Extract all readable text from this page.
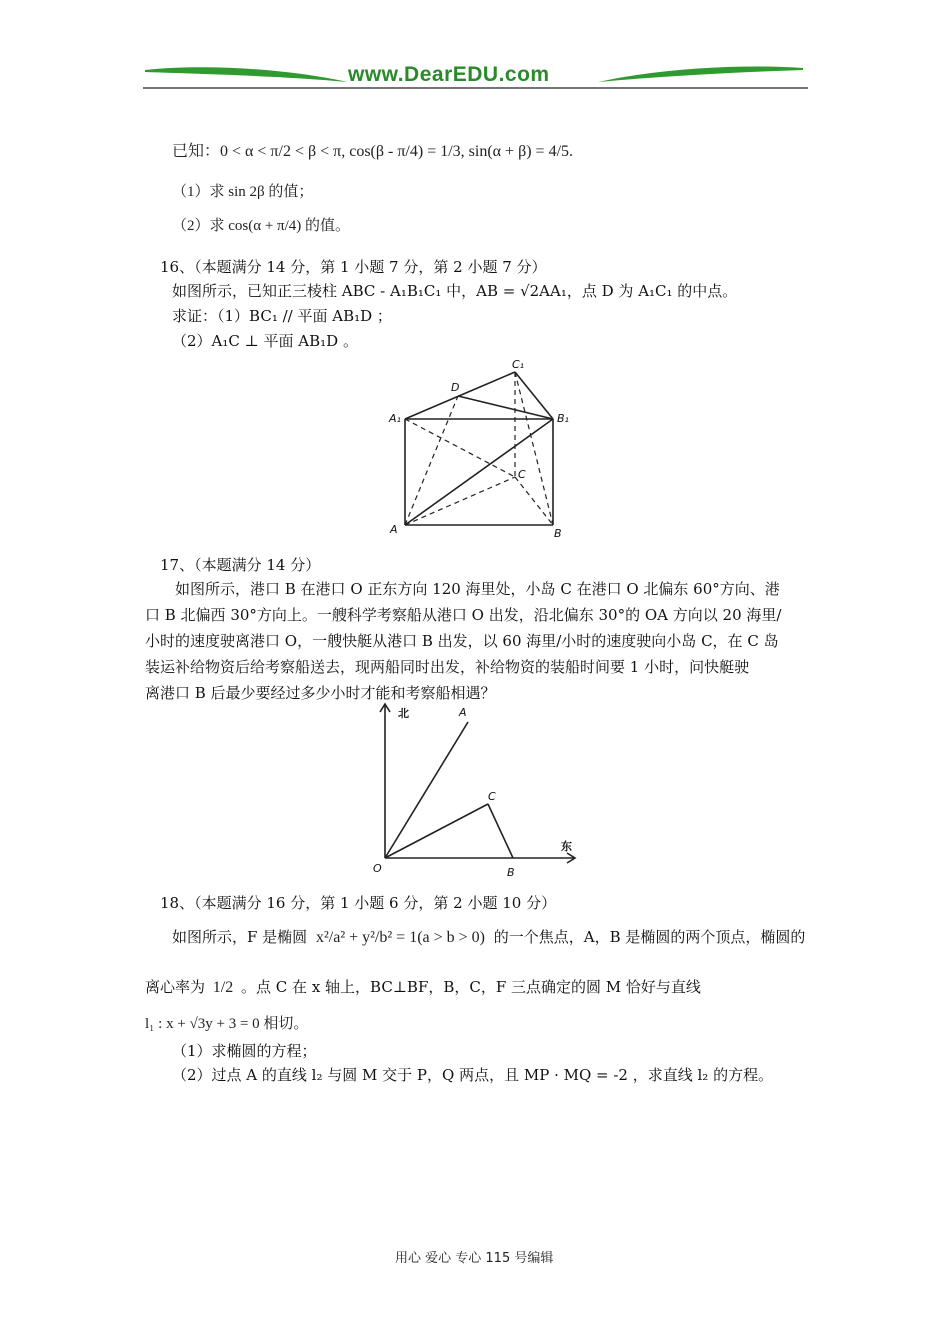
www.DearEDU.com
已知：0 < α < π/2 < β < π, cos(β - π/4) = 1/3, sin(α + β) = 4/5.
（1）求 sin 2β 的值；
（2）求 cos(α + π/4) 的值。
16、（本题满分 14 分，第 1 小题 7 分，第 2 小题 7 分）
如图所示，已知正三棱柱 ABC - A₁B₁C₁ 中，AB = √2AA₁，点 D 为 A₁C₁ 的中点。
求证：（1）BC₁ // 平面 AB₁D ；
（2）A₁C ⊥ 平面 AB₁D 。
C₁
D
A₁	B₁
C
A	B
17、（本题满分 14 分）
如图所示，港口 B 在港口 O 正东方向 120 海里处，小岛 C 在港口 O 北偏东 60°方向、港
口 B 北偏西 30°方向上。一艘科学考察船从港口 O 出发，沿北偏东 30°的 OA 方向以 20 海里/
小时的速度驶离港口 O，一艘快艇从港口 B 出发，以 60 海里/小时的速度驶向小岛 C，在 C 岛
装运补给物资后给考察船送去，现两船同时出发，补给物资的装船时间要 1 小时，问快艇驶
离港口 B 后最少要经过多少小时才能和考察船相遇？
北	A
C
东
O	B
18、（本题满分 16 分，第 1 小题 6 分，第 2 小题 10 分）
如图所示，F 是椭圆 x²/a² + y²/b² = 1(a > b > 0) 的一个焦点，A，B 是椭圆的两个顶点，椭圆的
离心率为 1/2 。点 C 在 x 轴上，BC⊥BF，B，C，F 三点确定的圆 M 恰好与直线
l₁ : x + √3y + 3 = 0 相切。
（1）求椭圆的方程；
（2）过点 A 的直线 l₂ 与圆 M 交于 P，Q 两点，且 MP · MQ = -2 ，求直线 l₂ 的方程。
用心 爱心 专心 115 号编辑
